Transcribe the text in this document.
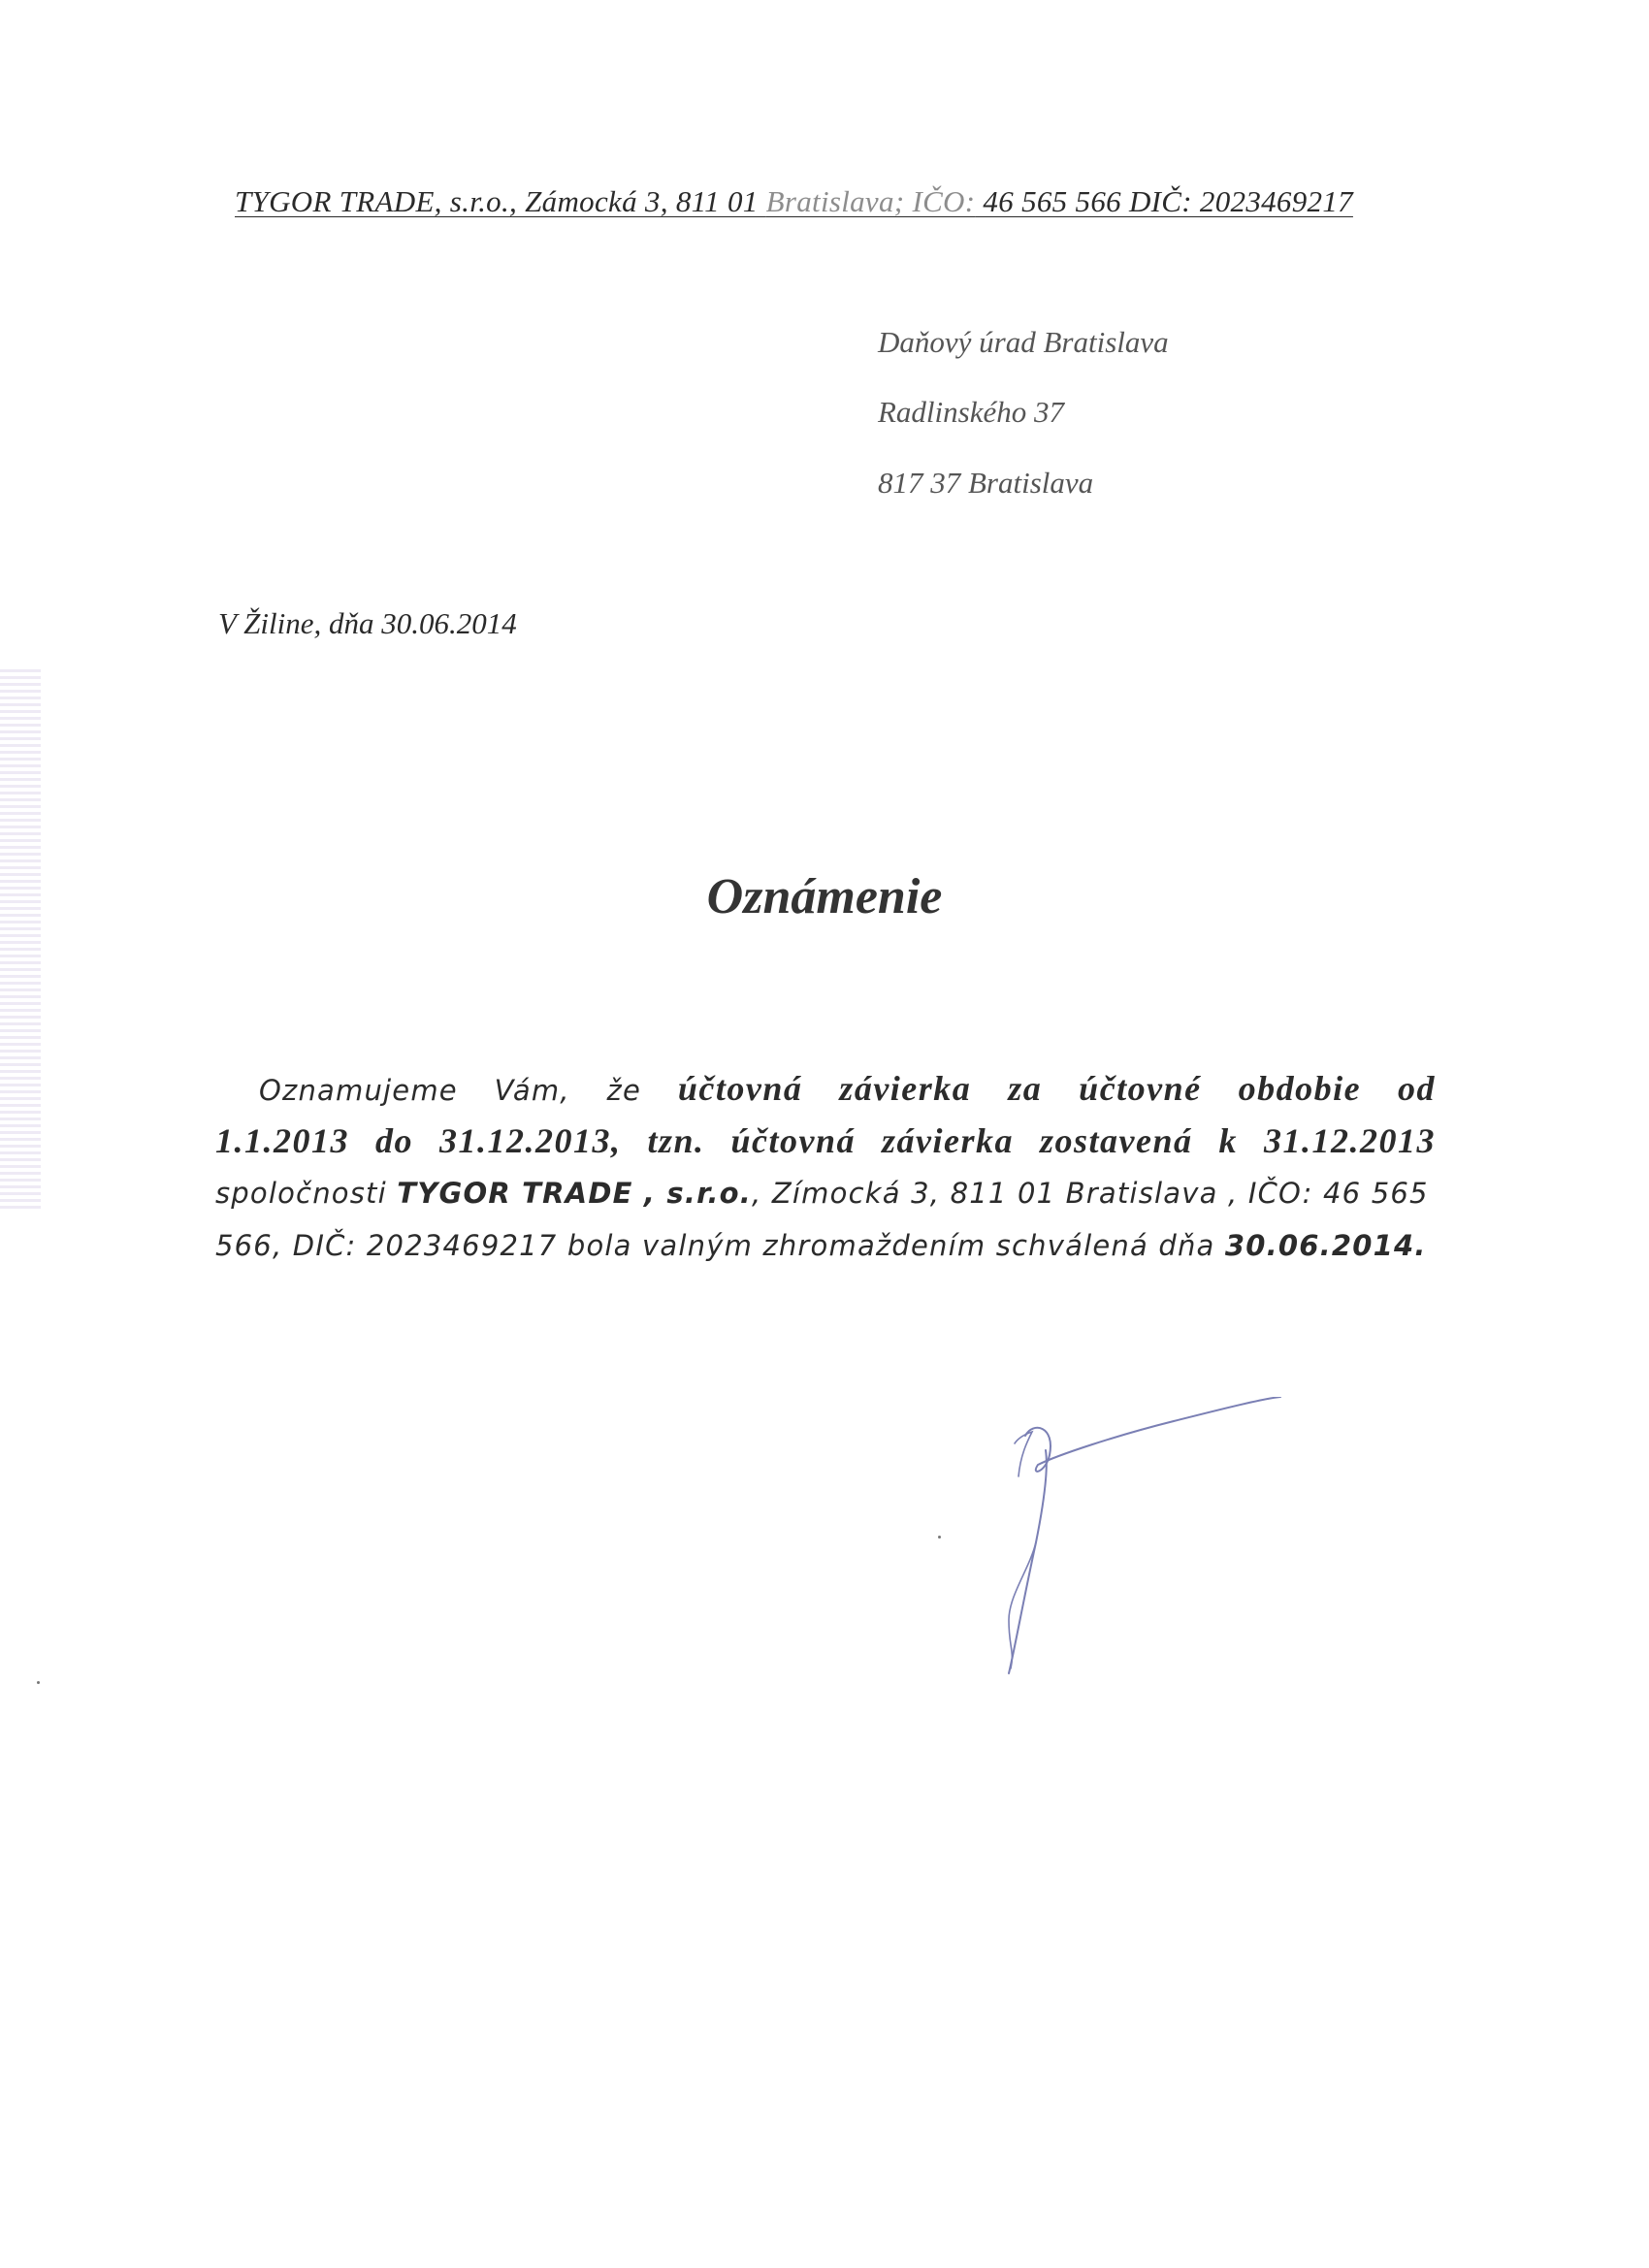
TYGOR TRADE, s.r.o., Zámocká 3, 811 01 Bratislava; IČO: 46 565 566 DIČ: 2023469217
Daňový úrad Bratislava
Radlinského 37
817 37 Bratislava
V Žiline, dňa 30.06.2014
Oznámenie
Oznamujeme Vám, že účtovná závierka za účtovné obdobie od
1.1.2013 do 31.12.2013, tzn. účtovná závierka zostavená k 31.12.2013
spoločnosti TYGOR TRADE , s.r.o., Zímocká 3, 811 01 Bratislava , IČO: 46 565
566, DIČ: 2023469217 bola valným zhromaždením schválená dňa 30.06.2014.
